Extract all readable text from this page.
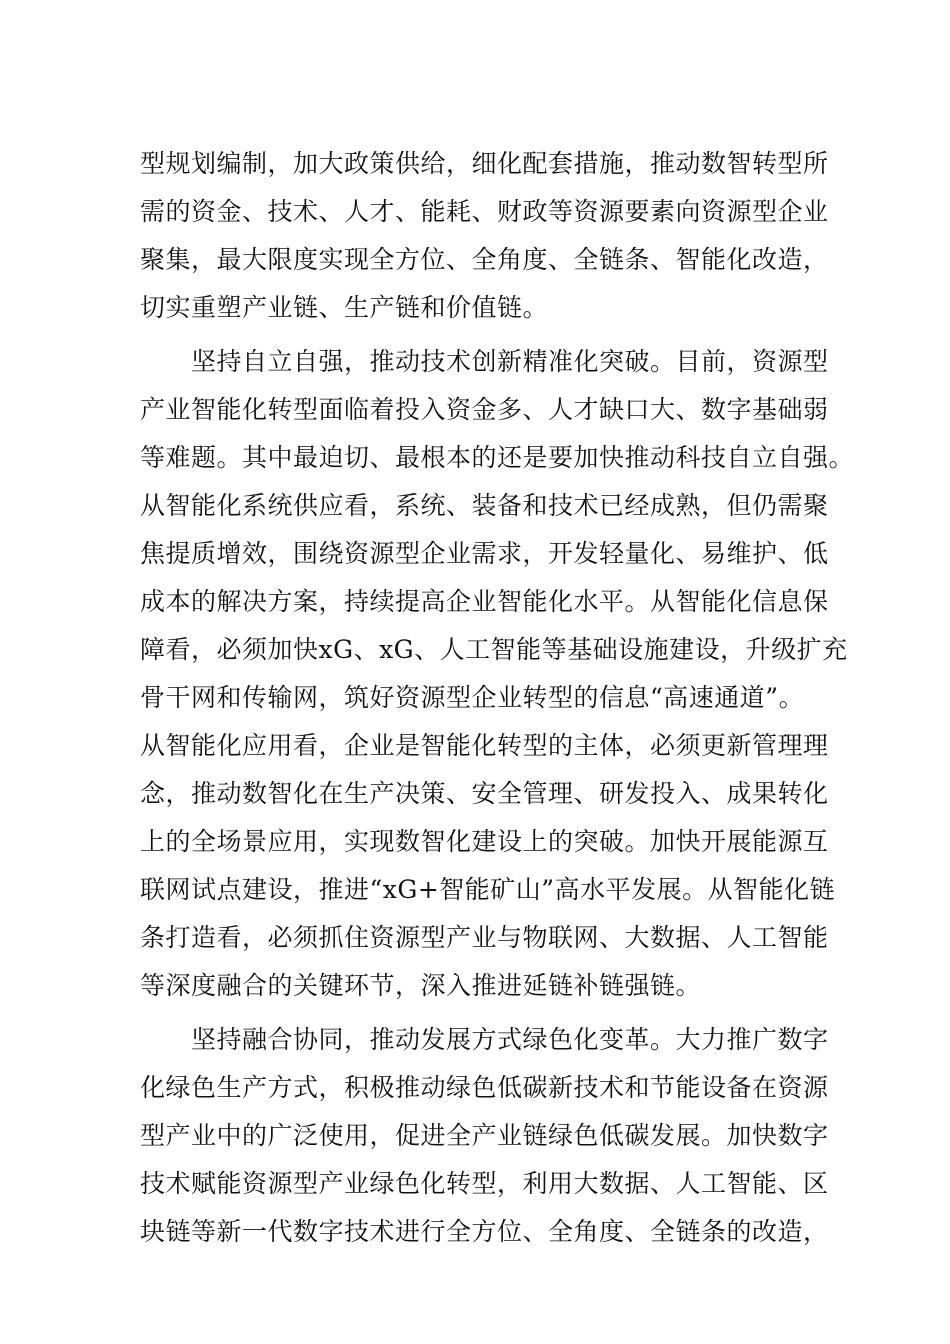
型规划编制，加大政策供给，细化配套措施，推动数智转型所

需的资金、技术、人才、能耗、财政等资源要素向资源型企业

聚集，最大限度实现全方位、全角度、全链条、智能化改造，

切实重塑产业链、生产链和价值链。

　　坚持自立自强，推动技术创新精准化突破。目前，资源型

产业智能化转型面临着投入资金多、人才缺口大、数字基础弱

等难题。其中最迫切、最根本的还是要加快推动科技自立自强。

从智能化系统供应看，系统、装备和技术已经成熟，但仍需聚

焦提质增效，围绕资源型企业需求，开发轻量化、易维护、低

成本的解决方案，持续提高企业智能化水平。从智能化信息保

障看，必须加快xG、xG、人工智能等基础设施建设，升级扩充

骨干网和传输网，筑好资源型企业转型的信息“高速通道”。

从智能化应用看，企业是智能化转型的主体，必须更新管理理

念，推动数智化在生产决策、安全管理、研发投入、成果转化

上的全场景应用，实现数智化建设上的突破。加快开展能源互

联网试点建设，推进“xG+智能矿山”高水平发展。从智能化链

条打造看，必须抓住资源型产业与物联网、大数据、人工智能

等深度融合的关键环节，深入推进延链补链强链。

　　坚持融合协同，推动发展方式绿色化变革。大力推广数字

化绿色生产方式，积极推动绿色低碳新技术和节能设备在资源

型产业中的广泛使用，促进全产业链绿色低碳发展。加快数字

技术赋能资源型产业绿色化转型，利用大数据、人工智能、区

块链等新一代数字技术进行全方位、全角度、全链条的改造，
